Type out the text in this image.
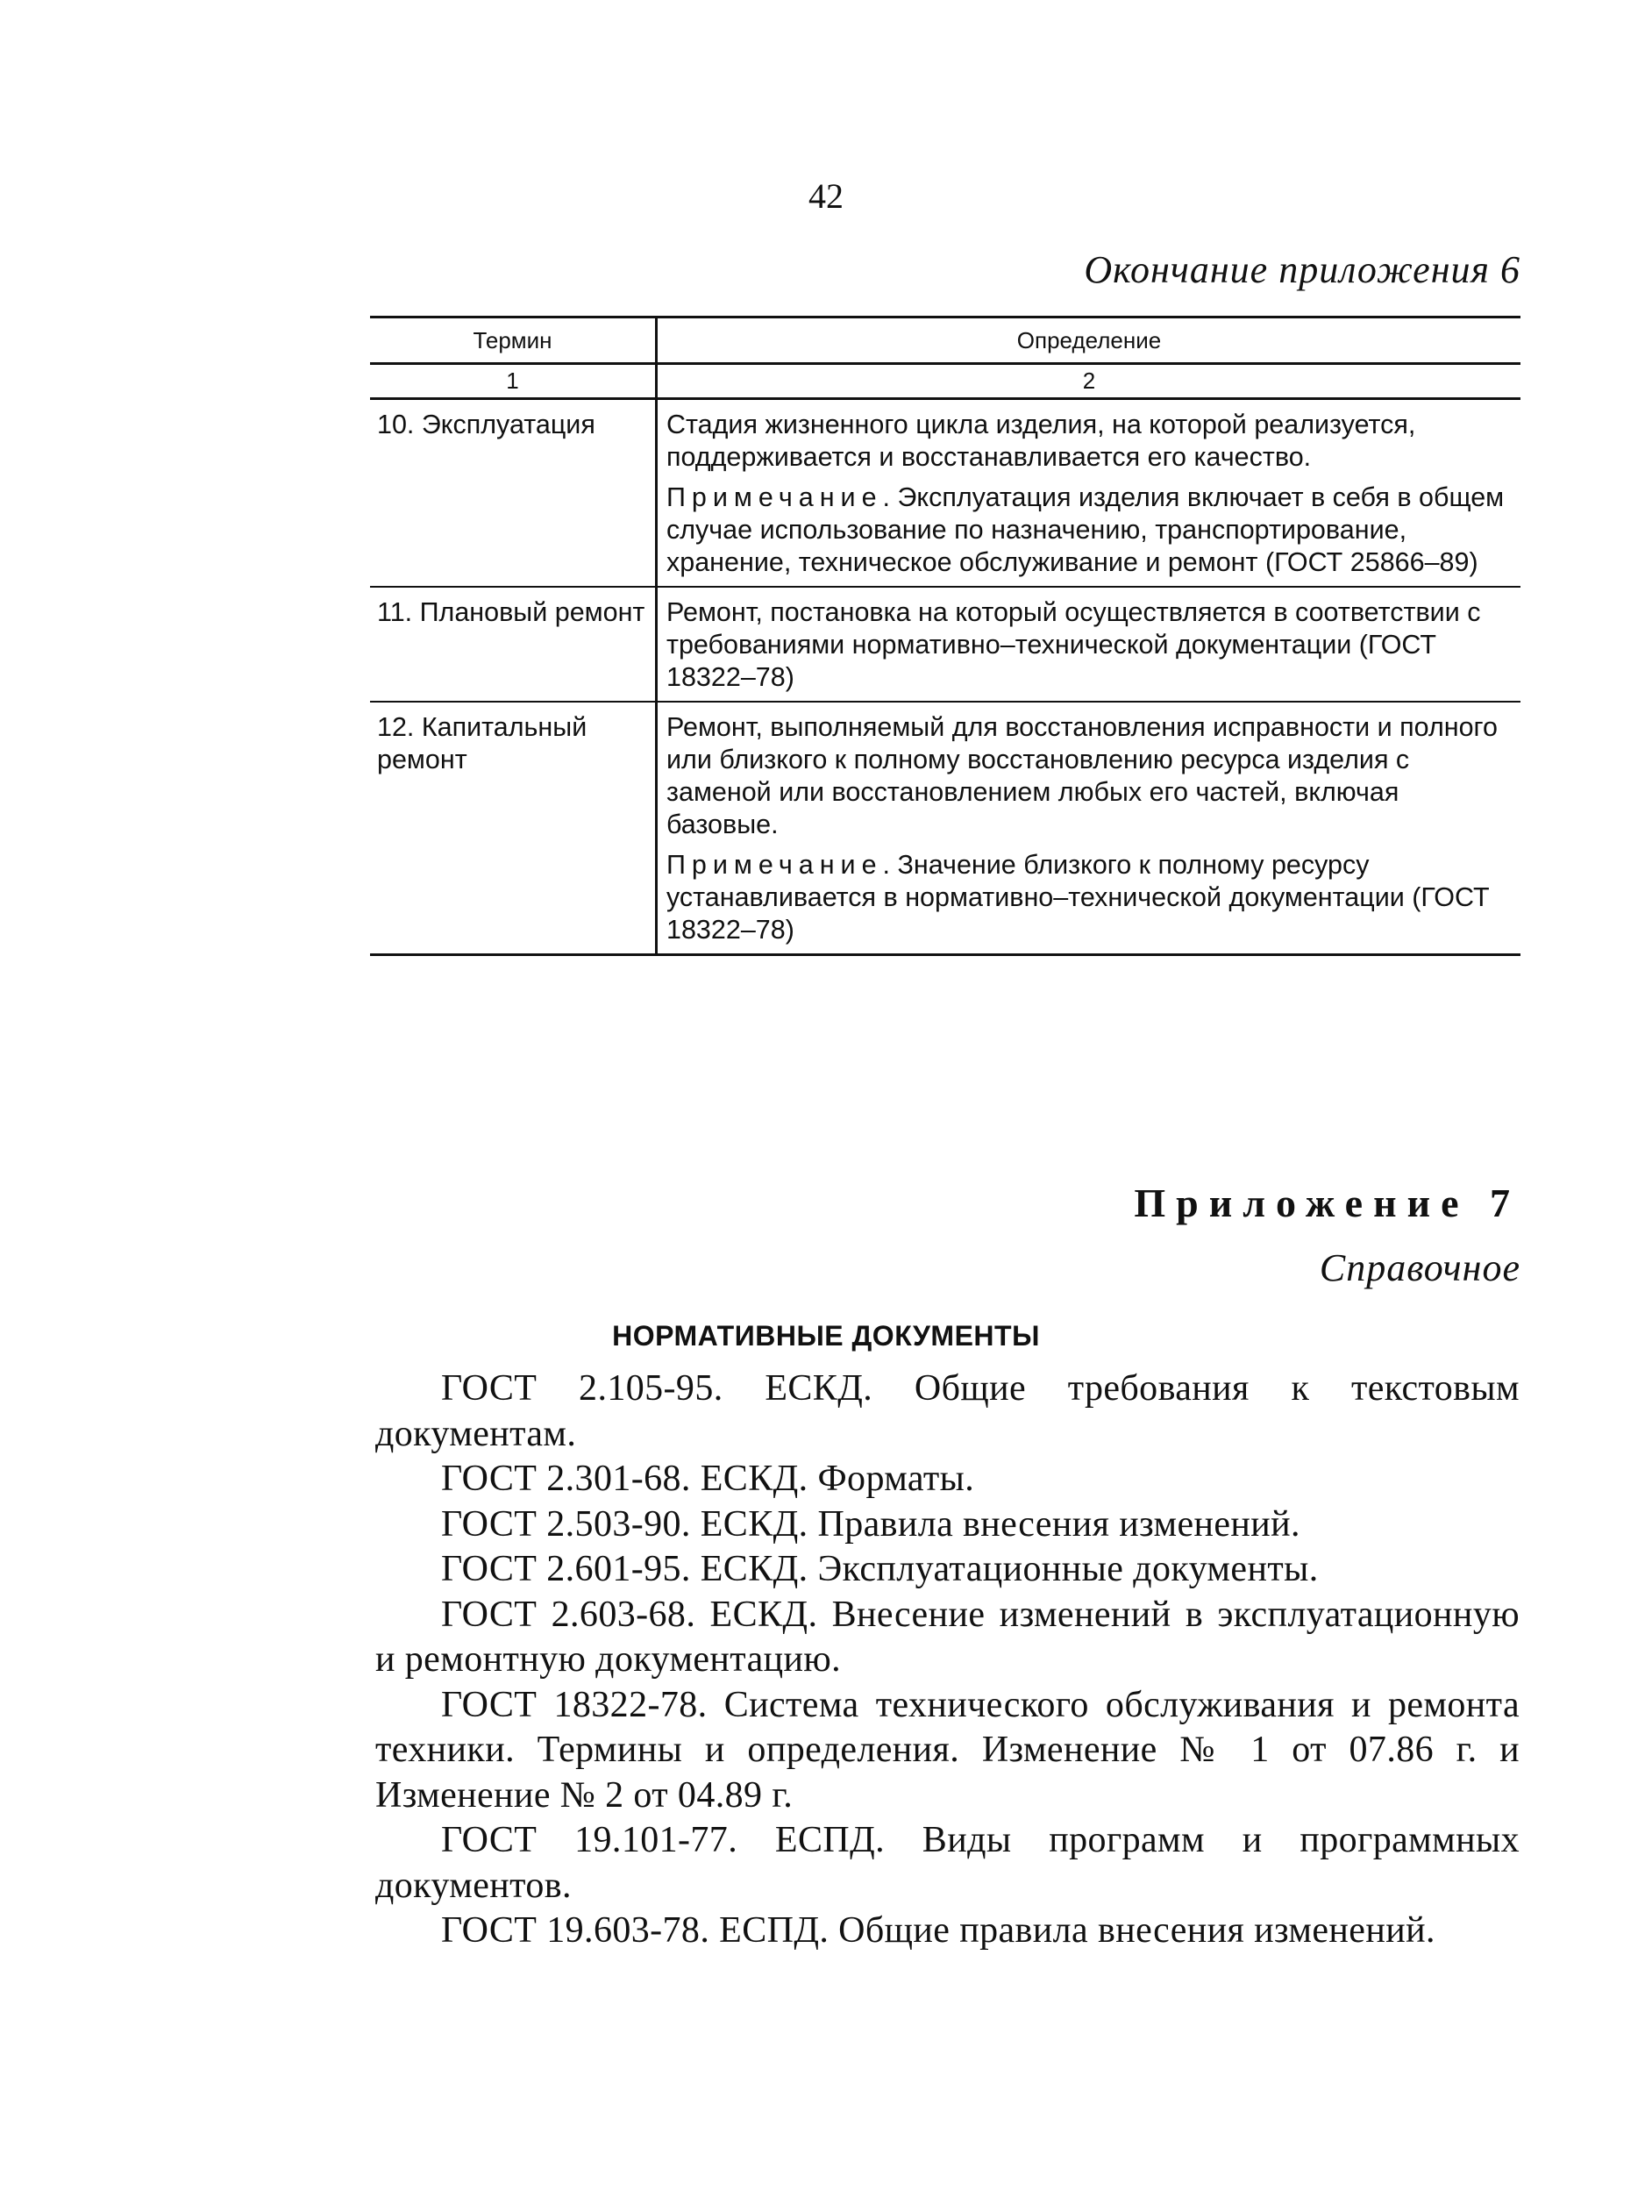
42
Окончание приложения 6
Термин	Определение
1	2
10. Эксплуатация	Стадия жизненного цикла изделия, на которой реализуется, поддерживается и восстанавливается его качество.

Примечание. Эксплуатация изделия включает в себя в общем случае использование по назначению, транспортирование, хранение, техническое обслуживание и ремонт (ГОСТ 25866–89)

11. Плановый ремонт	Ремонт, постановка на который осуществляется в соответствии с требованиями нормативно–технической документации (ГОСТ 18322–78)

12. Капитальный ремонт	Ремонт, выполняемый для восстановления исправности и полного или близкого к полному восстановлению ресурса изделия с заменой или восстановлением любых его частей, включая базовые.

Примечание. Значение близкого к полному ресурсу устанавливается в нормативно–технической документации (ГОСТ 18322–78)

Приложение 7
Справочное
НОРМАТИВНЫЕ ДОКУМЕНТЫ

ГОСТ 2.105-95. ЕСКД. Общие требования к текстовым документам.

ГОСТ 2.301-68. ЕСКД. Форматы.

ГОСТ 2.503-90. ЕСКД. Правила внесения изменений.

ГОСТ 2.601-95. ЕСКД. Эксплуатационные документы.

ГОСТ 2.603-68. ЕСКД. Внесение изменений в эксплуатационную и ремонтную документацию.

ГОСТ 18322-78. Система технического обслуживания и ремонта техники. Термины и определения. Изменение № 1 от 07.86 г. и Изменение № 2 от 04.89 г.

ГОСТ 19.101-77. ЕСПД. Виды программ и программных документов.

ГОСТ 19.603-78. ЕСПД. Общие правила внесения изменений.
